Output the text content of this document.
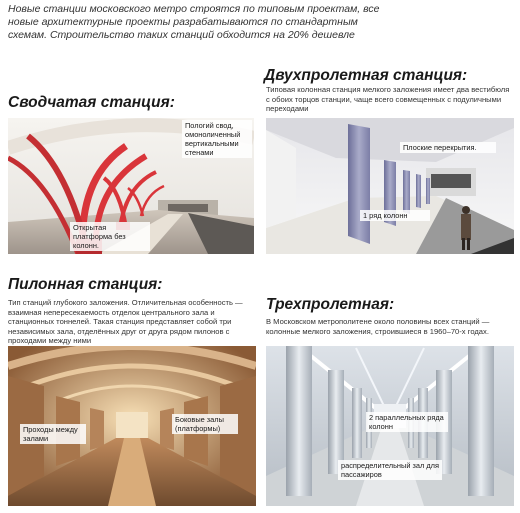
Новые станции московского метро строятся по типовым проектам, все новые архитектурные проекты разрабатываются по стандартным схемам. Строительство таких станций обходится на 20% дешевле
Сводчатая станция:
Пологий свод, омоноличенный вертикальными стенами
Открытая платформа без колонн.
Двухпролетная станция:
Типовая колонная станция мелкого заложения имеет два вестибюля с обоих торцов станции, чаще всего совмещенных с подуличными переходами
Плоские перекрытия.
1 ряд колонн
Пилонная станция:
Тип станций глубокого заложения. Отличительная особенность — взаимная непересекаемость отделок центрального зала и станционных тоннелей. Такая станция представляет собой три независимых зала, отделённых друг от друга рядом пилонов с проходами между ними
Проходы между залами
Боковые залы (платформы)
Трехпролетная:
В Московском метрополитене около половины всех станций — колонные мелкого заложения, строившиеся в 1960–70-х годах.
2 параллельных ряда колонн
распределительный зал для пассажиров
